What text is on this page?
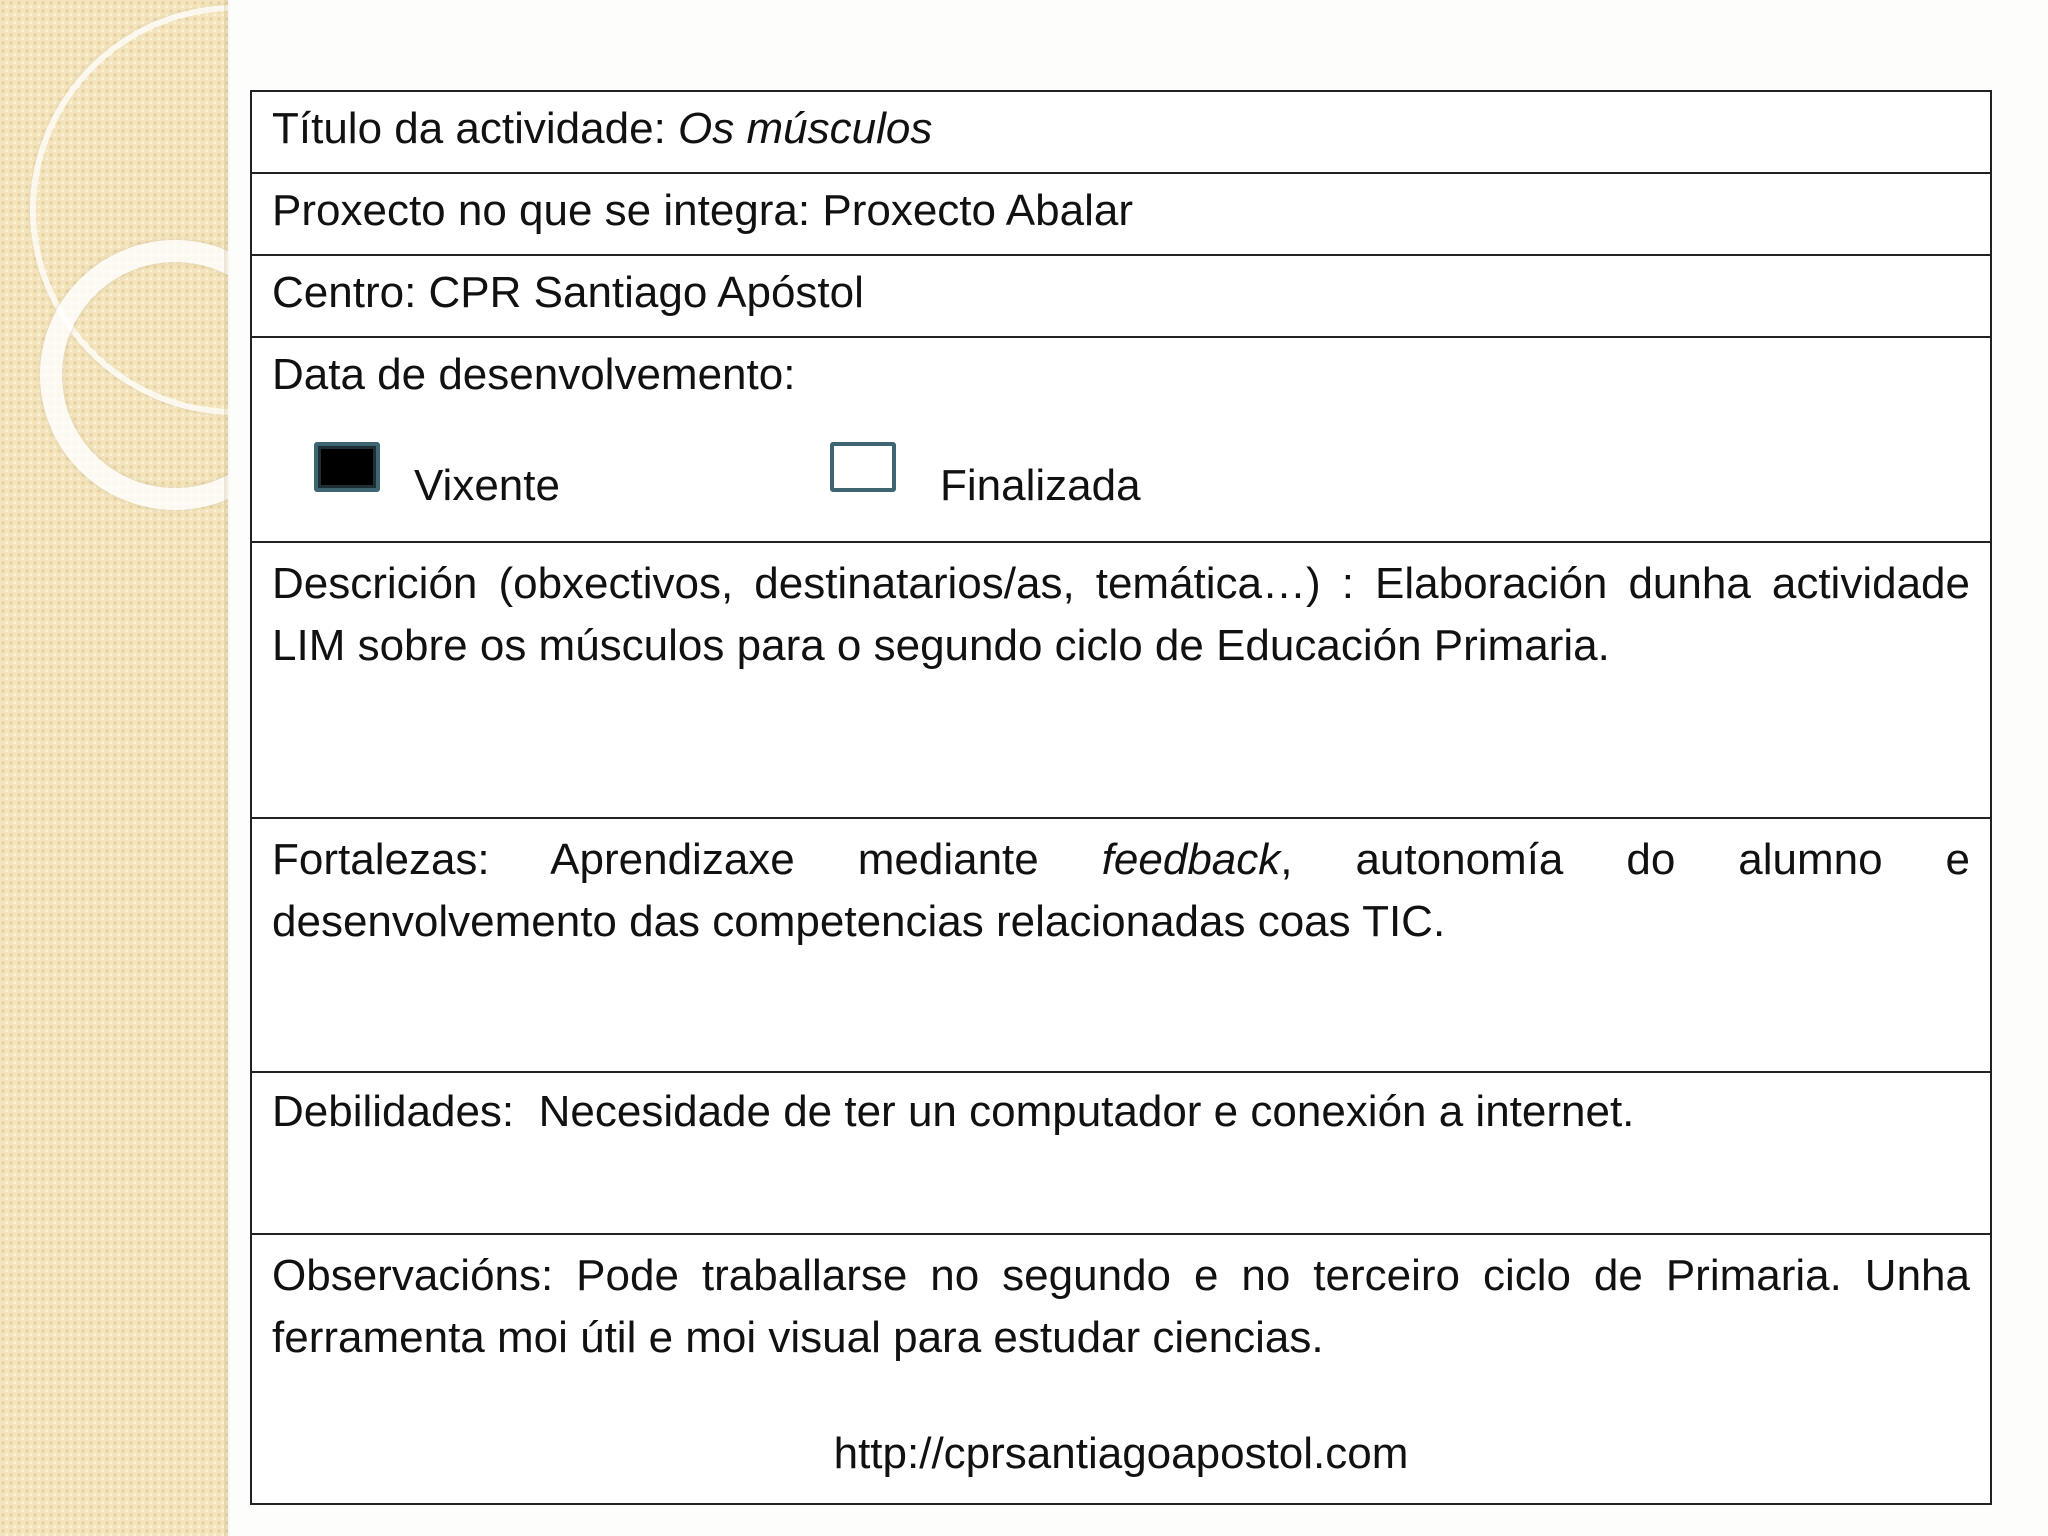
Título da actividade: Os músculos
Proxecto no que se integra: Proxecto Abalar
Centro: CPR Santiago Apóstol
Data de desenvolvemento:
Vixente	Finalizada
Descrición (obxectivos, destinatarios/as, temática…) : Elaboración dunha actividade LIM sobre os músculos para o segundo ciclo de Educación Primaria.
Fortalezas: Aprendizaxe mediante feedback, autonomía do alumno e desenvolvemento das competencias relacionadas coas TIC.
Debilidades:  Necesidade de ter un computador e conexión a internet.
Observacións: Pode traballarse no segundo e no terceiro ciclo de Primaria. Unha ferramenta moi útil e moi visual para estudar ciencias.
http://cprsantiagoapostol.com
